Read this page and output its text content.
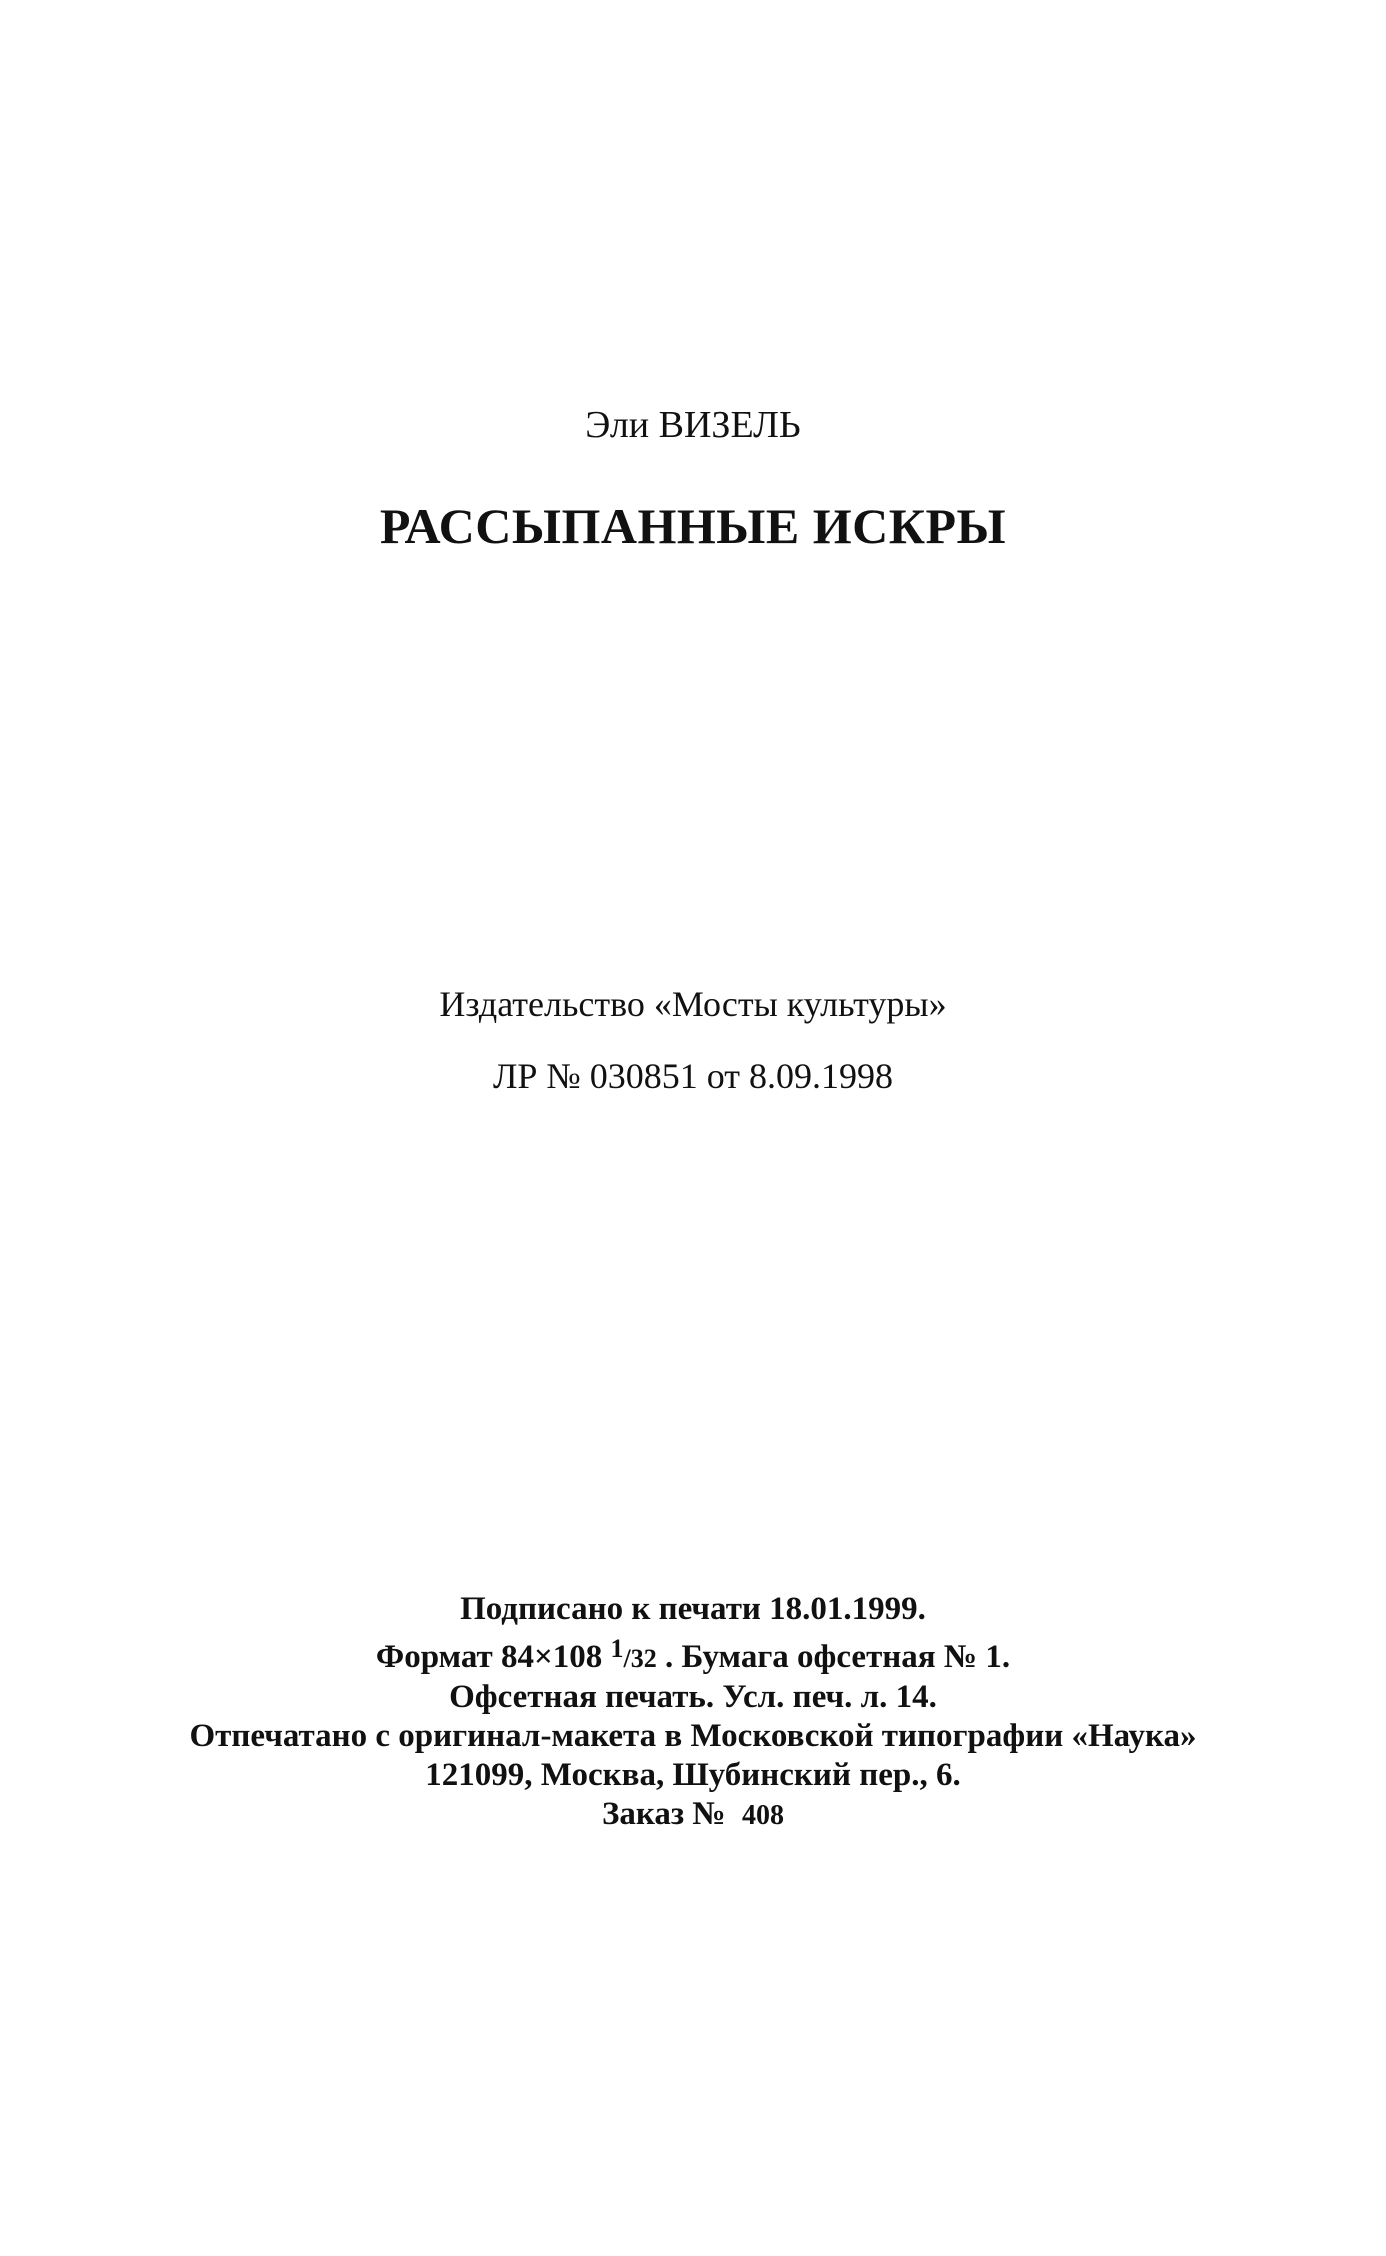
Эли ВИЗЕЛЬ
РАССЫПАННЫЕ ИСКРЫ
Издательство «Мосты культуры»
ЛР № 030851 от 8.09.1998
Подписано к печати 18.01.1999.
Формат 84×108 $^1$/32 . Бумага офсетная № 1.
Офсетная печать. Усл. печ. л. 14.
Отпечатано с оригинал-макета в Московской типографии «Наука»
121099, Москва, Шубинский пер., 6.
Заказ № 408
